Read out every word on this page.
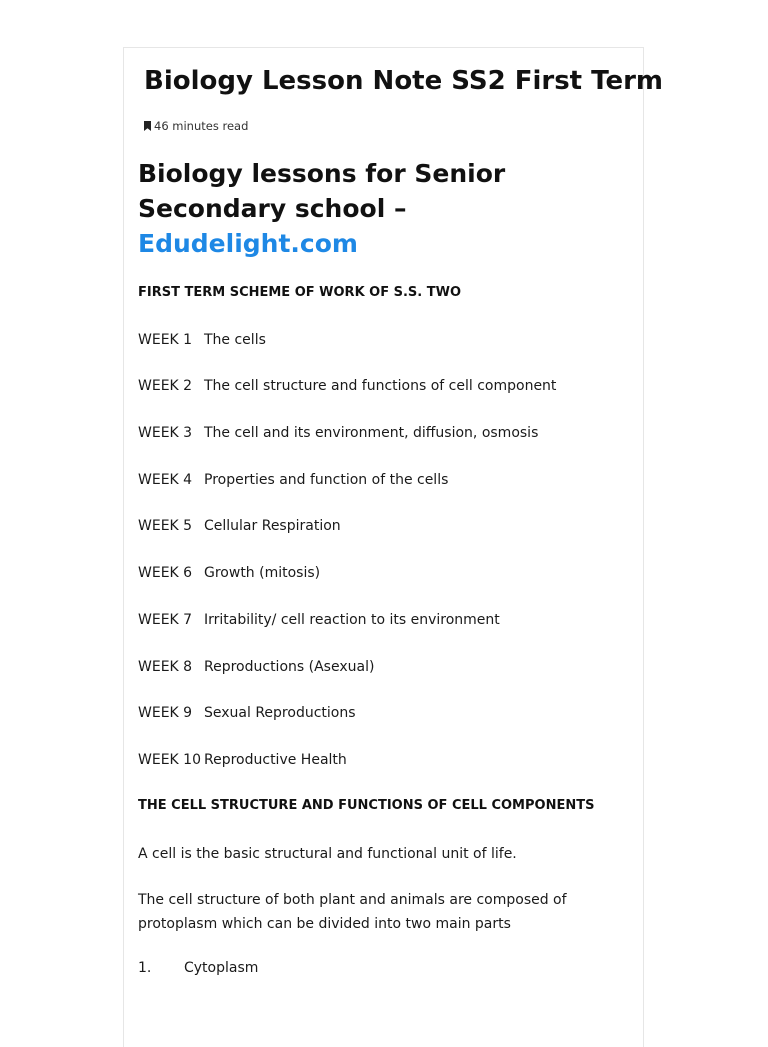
Biology Lesson Note SS2 First Term
46 minutes read
Biology lessons for Senior Secondary school – Edudelight.com

FIRST TERM SCHEME OF WORK OF S.S. TWO

WEEK 1 The cells
WEEK 2 The cell structure and functions of cell component
WEEK 3 The cell and its environment, diffusion, osmosis
WEEK 4 Properties and function of the cells
WEEK 5 Cellular Respiration
WEEK 6 Growth (mitosis)
WEEK 7 Irritability/ cell reaction to its environment
WEEK 8 Reproductions (Asexual)
WEEK 9 Sexual Reproductions
WEEK 10 Reproductive Health

THE CELL STRUCTURE AND FUNCTIONS OF CELL COMPONENTS

A cell is the basic structural and functional unit of life.

The cell structure of both plant and animals are composed of protoplasm which can be divided into two main parts

1.	Cytoplasm
